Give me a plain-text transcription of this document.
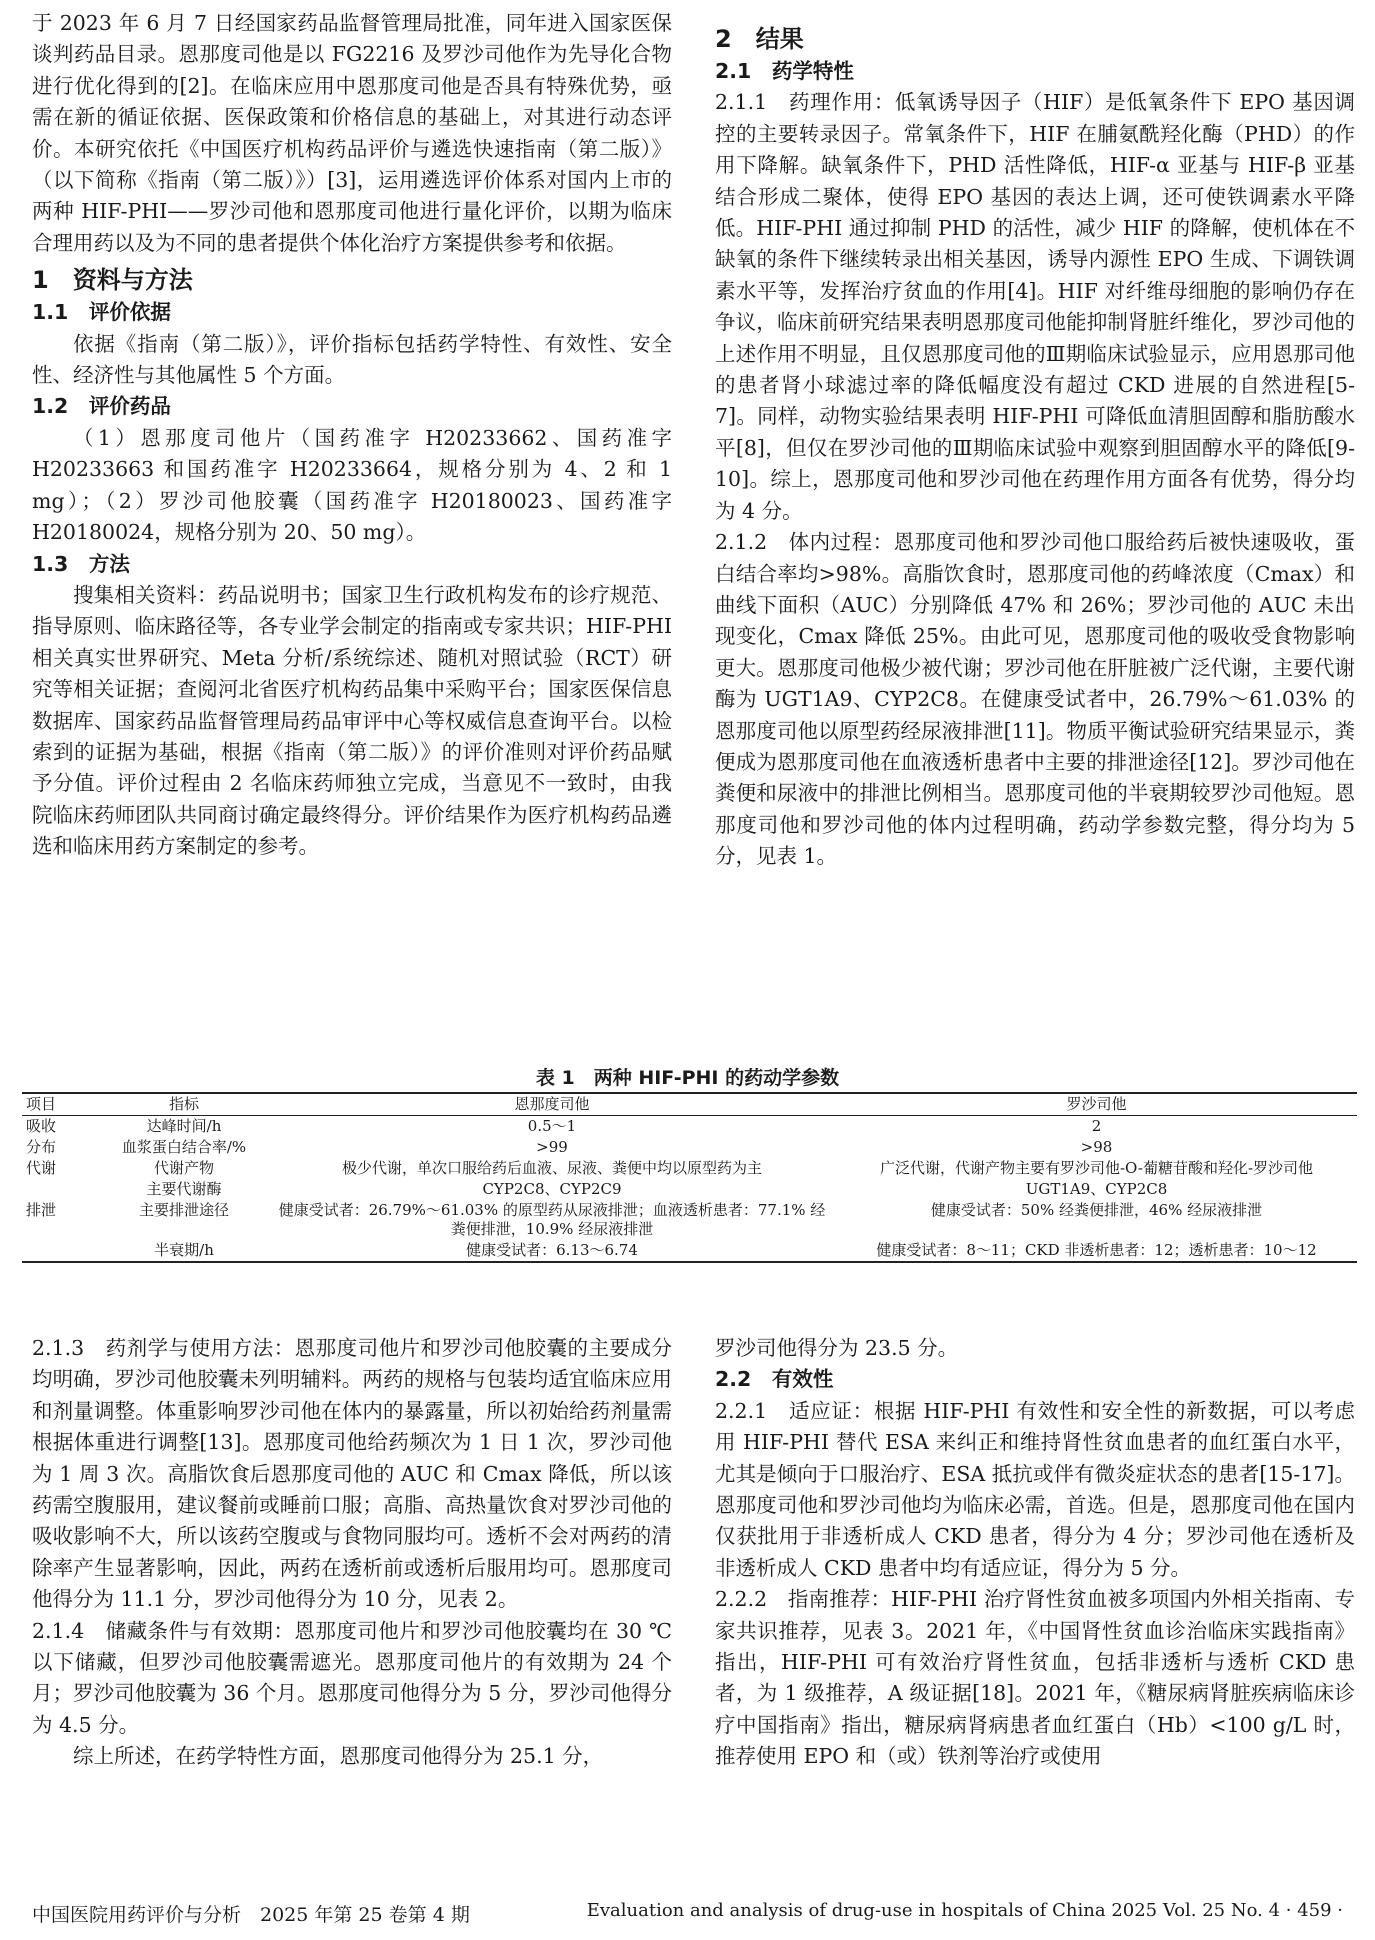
于 2023 年 6 月 7 日经国家药品监督管理局批准，同年进入国家医保谈判药品目录。恩那度司他是以 FG2216 及罗沙司他作为先导化合物进行优化得到的[2]。在临床应用中恩那度司他是否具有特殊优势，亟需在新的循证依据、医保政策和价格信息的基础上，对其进行动态评价。本研究依托《中国医疗机构药品评价与遴选快速指南（第二版）》（以下简称《指南（第二版）》）[3]，运用遴选评价体系对国内上市的两种 HIF-PHI——罗沙司他和恩那度司他进行量化评价，以期为临床合理用药以及为不同的患者提供个体化治疗方案提供参考和依据。

1　资料与方法
1.1　评价依据

依据《指南（第二版）》，评价指标包括药学特性、有效性、安全性、经济性与其他属性 5 个方面。

1.2　评价药品

（1）恩那度司他片（国药准字 H20233662、国药准字 H20233663 和国药准字 H20233664，规格分别为 4、2 和 1 mg）；（2）罗沙司他胶囊（国药准字 H20180023、国药准字 H20180024，规格分别为 20、50 mg）。

1.3　方法

搜集相关资料：药品说明书；国家卫生行政机构发布的诊疗规范、指导原则、临床路径等，各专业学会制定的指南或专家共识；HIF-PHI 相关真实世界研究、Meta 分析/系统综述、随机对照试验（RCT）研究等相关证据；查阅河北省医疗机构药品集中采购平台；国家医保信息数据库、国家药品监督管理局药品审评中心等权威信息查询平台。以检索到的证据为基础，根据《指南（第二版）》的评价准则对评价药品赋予分值。评价过程由 2 名临床药师独立完成，当意见不一致时，由我院临床药师团队共同商讨确定最终得分。评价结果作为医疗机构药品遴选和临床用药方案制定的参考。

2　结果
2.1　药学特性

2.1.1　药理作用：低氧诱导因子（HIF）是低氧条件下 EPO 基因调控的主要转录因子。常氧条件下，HIF 在脯氨酰羟化酶（PHD）的作用下降解。缺氧条件下，PHD 活性降低，HIF-α 亚基与 HIF-β 亚基结合形成二聚体，使得 EPO 基因的表达上调，还可使铁调素水平降低。HIF-PHI 通过抑制 PHD 的活性，减少 HIF 的降解，使机体在不缺氧的条件下继续转录出相关基因，诱导内源性 EPO 生成、下调铁调素水平等，发挥治疗贫血的作用[4]。HIF 对纤维母细胞的影响仍存在争议，临床前研究结果表明恩那度司他能抑制肾脏纤维化，罗沙司他的上述作用不明显，且仅恩那度司他的Ⅲ期临床试验显示，应用恩那司他的患者肾小球滤过率的降低幅度没有超过 CKD 进展的自然进程[5-7]。同样，动物实验结果表明 HIF-PHI 可降低血清胆固醇和脂肪酸水平[8]，但仅在罗沙司他的Ⅲ期临床试验中观察到胆固醇水平的降低[9-10]。综上，恩那度司他和罗沙司他在药理作用方面各有优势，得分均为 4 分。

2.1.2　体内过程：恩那度司他和罗沙司他口服给药后被快速吸收，蛋白结合率均>98%。高脂饮食时，恩那度司他的药峰浓度（Cmax）和曲线下面积（AUC）分别降低 47% 和 26%；罗沙司他的 AUC 未出现变化，Cmax 降低 25%。由此可见，恩那度司他的吸收受食物影响更大。恩那度司他极少被代谢；罗沙司他在肝脏被广泛代谢，主要代谢酶为 UGT1A9、CYP2C8。在健康受试者中，26.79%～61.03% 的恩那度司他以原型药经尿液排泄[11]。物质平衡试验研究结果显示，粪便成为恩那度司他在血液透析患者中主要的排泄途径[12]。罗沙司他在粪便和尿液中的排泄比例相当。恩那度司他的半衰期较罗沙司他短。恩那度司他和罗沙司他的体内过程明确，药动学参数完整，得分均为 5 分，见表 1。

表 1　两种 HIF-PHI 的药动学参数
项目	指标	恩那度司他	罗沙司他
吸收	达峰时间/h	0.5～1	2
分布	血浆蛋白结合率/%	>99	>98
代谢	代谢产物	极少代谢，单次口服给药后血液、尿液、粪便中均以原型药为主	广泛代谢，代谢产物主要有罗沙司他-O-葡糖苷酸和羟化-罗沙司他
	主要代谢酶	CYP2C8、CYP2C9	UGT1A9、CYP2C8
排泄	主要排泄途径	健康受试者：26.79%～61.03% 的原型药从尿液排泄；血液透析患者：77.1% 经粪便排泄，10.9% 经尿液排泄	健康受试者：50% 经粪便排泄，46% 经尿液排泄
	半衰期/h	健康受试者：6.13～6.74	健康受试者：8～11；CKD 非透析患者：12；透析患者：10～12

2.1.3　药剂学与使用方法：恩那度司他片和罗沙司他胶囊的主要成分均明确，罗沙司他胶囊未列明辅料。两药的规格与包装均适宜临床应用和剂量调整。体重影响罗沙司他在体内的暴露量，所以初始给药剂量需根据体重进行调整[13]。恩那度司他给药频次为 1 日 1 次，罗沙司他为 1 周 3 次。高脂饮食后恩那度司他的 AUC 和 Cmax 降低，所以该药需空腹服用，建议餐前或睡前口服；高脂、高热量饮食对罗沙司他的吸收影响不大，所以该药空腹或与食物同服均可。透析不会对两药的清除率产生显著影响，因此，两药在透析前或透析后服用均可。恩那度司他得分为 11.1 分，罗沙司他得分为 10 分，见表 2。

2.1.4　储藏条件与有效期：恩那度司他片和罗沙司他胶囊均在 30 ℃以下储藏，但罗沙司他胶囊需遮光。恩那度司他片的有效期为 24 个月；罗沙司他胶囊为 36 个月。恩那度司他得分为 5 分，罗沙司他得分为 4.5 分。

综上所述，在药学特性方面，恩那度司他得分为 25.1 分，

罗沙司他得分为 23.5 分。

2.2　有效性

2.2.1　适应证：根据 HIF-PHI 有效性和安全性的新数据，可以考虑用 HIF-PHI 替代 ESA 来纠正和维持肾性贫血患者的血红蛋白水平，尤其是倾向于口服治疗、ESA 抵抗或伴有微炎症状态的患者[15-17]。恩那度司他和罗沙司他均为临床必需，首选。但是，恩那度司他在国内仅获批用于非透析成人 CKD 患者，得分为 4 分；罗沙司他在透析及非透析成人 CKD 患者中均有适应证，得分为 5 分。

2.2.2　指南推荐：HIF-PHI 治疗肾性贫血被多项国内外相关指南、专家共识推荐，见表 3。2021 年，《中国肾性贫血诊治临床实践指南》指出，HIF-PHI 可有效治疗肾性贫血，包括非透析与透析 CKD 患者，为 1 级推荐，A 级证据[18]。2021 年，《糖尿病肾脏疾病临床诊疗中国指南》指出，糖尿病肾病患者血红蛋白（Hb）<100 g/L 时，推荐使用 EPO 和（或）铁剂等治疗或使用

中国医院用药评价与分析　2025 年第 25 卷第 4 期	Evaluation and analysis of drug-use in hospitals of China 2025 Vol. 25 No. 4 · 459 ·
